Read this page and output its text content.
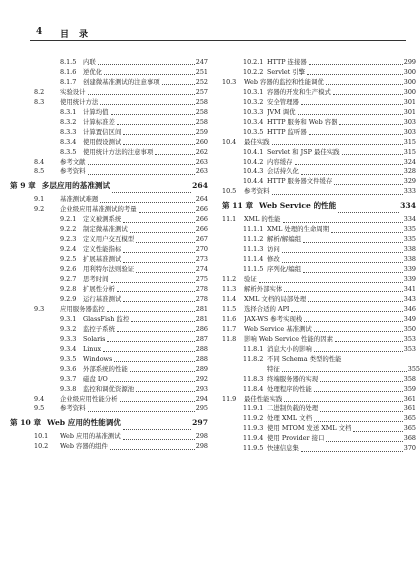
4 目录
8.1.5	内联	247
8.1.6	逆优化	251
8.1.7	创建微基准测试的注意事项	252
8.2	实验设计	257
8.3	使用统计方法	258
8.3.1	计算均值	258
8.3.2	计算标准差	258
8.3.3	计算置信区间	259
8.3.4	使用假设测试	260
8.3.5	使用统计方法的注意事项	262
8.4	参考文献	263
8.5	参考资料	263
第 9 章 多层应用的基准测试	264
9.1	基准测试难题	264
9.2	企业级应用基准测试的考量	266
9.2.1	定义被测系统	266
9.2.2	制定微基准测试	266
9.2.3	定义用户交互模型	267
9.2.4	定义性能指标	270
9.2.5	扩展基准测试	273
9.2.6	用利特尔法则验证	274
9.2.7	思考时间	275
9.2.8	扩展性分析	278
9.2.9	运行基准测试	278
9.3	应用服务器监控	281
9.3.1	GlassFish 监控	281
9.3.2	监控子系统	286
9.3.3	Solaris	287
9.3.4	Linux	288
9.3.5	Windows	288
9.3.6	外部系统的性能	289
9.3.7	磁盘 I/O	292
9.3.8	监控和调优资源池	293
9.4	企业级应用性能分析	294
9.5	参考资料	295
第 10 章 Web 应用的性能调优	297
10.1	Web 应用的基准测试	298
10.2	Web 容器的组件	298
10.2.1 HTTP 连接器	299
10.2.2 Servlet 引擎	300
10.3	Web 容器的监控和性能调优	300
10.3.1 容器的开发和生产模式	300
10.3.2 安全管理器	301
10.3.3 JVM 调优	301
10.3.4 HTTP 服务和 Web 容器	303
10.3.5 HTTP 监听器	303
10.4	最佳实践	315
10.4.1 Servlet 和 JSP 最佳实践	315
10.4.2 内容缓存	324
10.4.3 会话持久化	328
10.4.4 HTTP 服务器文件缓存	329
10.5	参考资料	333
第 11 章 Web Service 的性能	334
11.1	XML 的性能	334
11.1.1 XML 处理的生命周期	335
11.1.2 解析/解编组	335
11.1.3 访问	338
11.1.4 修改	338
11.1.5 序列化/编组	339
11.2	验证	339
11.3	解析外部实体	341
11.4	XML 文档的局部处理	343
11.5	选择合适的 API	346
11.6	JAX-WS 参考实现栈	349
11.7	Web Service 基准测试	350
11.8	影响 Web Service 性能的因素	353
11.8.1 消息大小的影响	353
11.8.2 不同 Schema 类型的性能
特征	355
11.8.3 终端服务器的实现	358
11.8.4 处理程序的性能	359
11.9	最佳性能实践	361
11.9.1 二进制负载的处理	361
11.9.2 处理 XML 文档	365
11.9.3 使用 MTOM 发送 XML 文档	365
11.9.4 使用 Provider 接口	368
11.9.5 快速信息集	370
